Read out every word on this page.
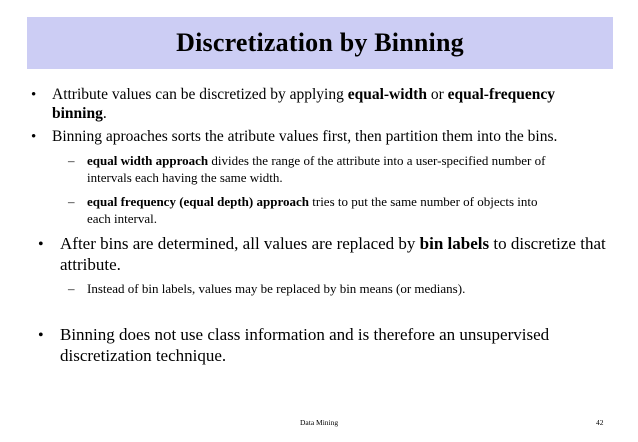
Discretization by Binning
• Attribute values can be discretized by applying equal-width or equal-frequency
binning.
• Binning aproaches sorts the atribute values first, then partition them into the bins.
– equal width approach divides the range of the attribute into a user-specified number of
intervals each having the same width.
– equal frequency (equal depth) approach tries to put the same number of objects into
each interval.
• After bins are determined, all values are replaced by bin labels to discretize that
attribute.
– Instead of bin labels, values may be replaced by bin means (or medians).
• Binning does not use class information and is therefore an unsupervised
discretization technique.
Data Mining	42
